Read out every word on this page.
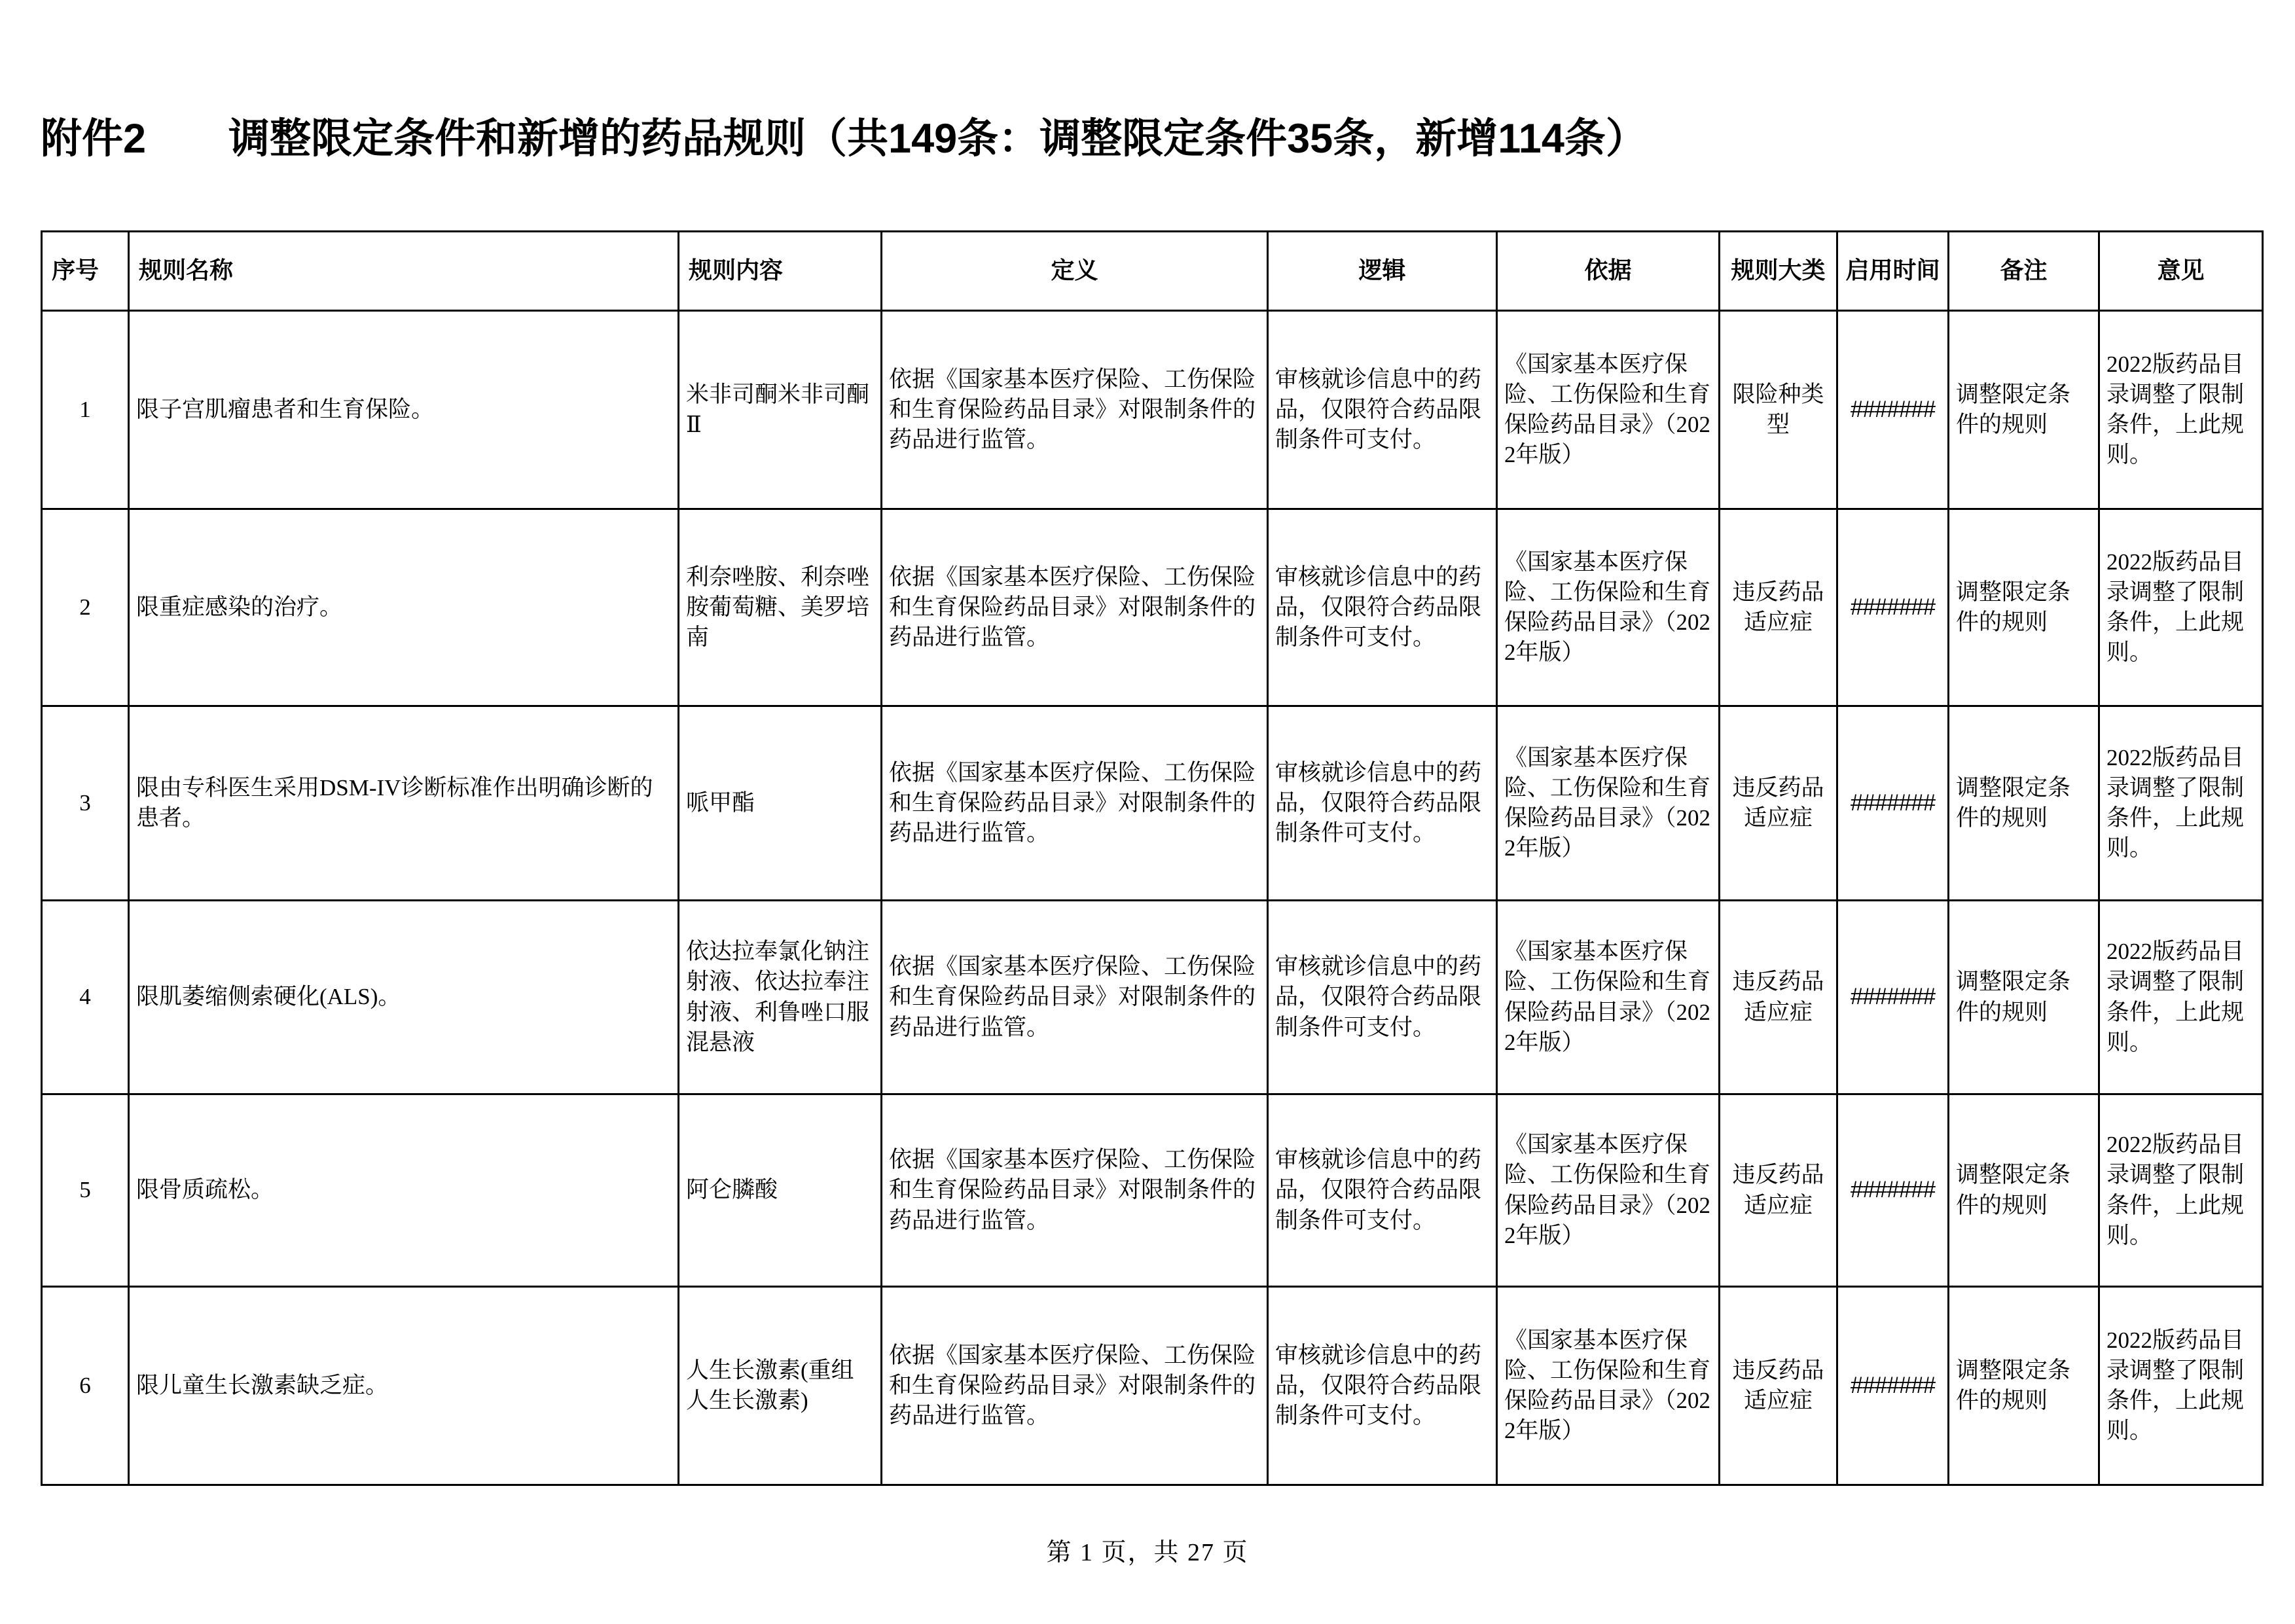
附件2　　调整限定条件和新增的药品规则（共149条：调整限定条件35条，新增114条）
序号	规则名称	规则内容	定义	逻辑	依据	规则大类	启用时间	备注	意见
1	限子宫肌瘤患者和生育保险。	米非司酮米非司酮Ⅱ	依据《国家基本医疗保险、工伤保险和生育保险药品目录》对限制条件的药品进行监管。	审核就诊信息中的药品，仅限符合药品限制条件可支付。	《国家基本医疗保险、工伤保险和生育保险药品目录》（2022年版）	限险种类型	#######	调整限定条件的规则	2022版药品目录调整了限制条件，上此规则。
2	限重症感染的治疗。	利奈唑胺、利奈唑胺葡萄糖、美罗培南	依据《国家基本医疗保险、工伤保险和生育保险药品目录》对限制条件的药品进行监管。	审核就诊信息中的药品，仅限符合药品限制条件可支付。	《国家基本医疗保险、工伤保险和生育保险药品目录》（2022年版）	违反药品适应症	#######	调整限定条件的规则	2022版药品目录调整了限制条件，上此规则。
3	限由专科医生采用DSM-IV诊断标准作出明确诊断的患者。	哌甲酯	依据《国家基本医疗保险、工伤保险和生育保险药品目录》对限制条件的药品进行监管。	审核就诊信息中的药品，仅限符合药品限制条件可支付。	《国家基本医疗保险、工伤保险和生育保险药品目录》（2022年版）	违反药品适应症	#######	调整限定条件的规则	2022版药品目录调整了限制条件，上此规则。
4	限肌萎缩侧索硬化(ALS)。	依达拉奉氯化钠注射液、依达拉奉注射液、利鲁唑口服混悬液	依据《国家基本医疗保险、工伤保险和生育保险药品目录》对限制条件的药品进行监管。	审核就诊信息中的药品，仅限符合药品限制条件可支付。	《国家基本医疗保险、工伤保险和生育保险药品目录》（2022年版）	违反药品适应症	#######	调整限定条件的规则	2022版药品目录调整了限制条件，上此规则。
5	限骨质疏松。	阿仑膦酸	依据《国家基本医疗保险、工伤保险和生育保险药品目录》对限制条件的药品进行监管。	审核就诊信息中的药品，仅限符合药品限制条件可支付。	《国家基本医疗保险、工伤保险和生育保险药品目录》（2022年版）	违反药品适应症	#######	调整限定条件的规则	2022版药品目录调整了限制条件，上此规则。
6	限儿童生长激素缺乏症。	人生长激素(重组人生长激素)	依据《国家基本医疗保险、工伤保险和生育保险药品目录》对限制条件的药品进行监管。	审核就诊信息中的药品，仅限符合药品限制条件可支付。	《国家基本医疗保险、工伤保险和生育保险药品目录》（2022年版）	违反药品适应症	#######	调整限定条件的规则	2022版药品目录调整了限制条件，上此规则。
第 1 页，共 27 页
